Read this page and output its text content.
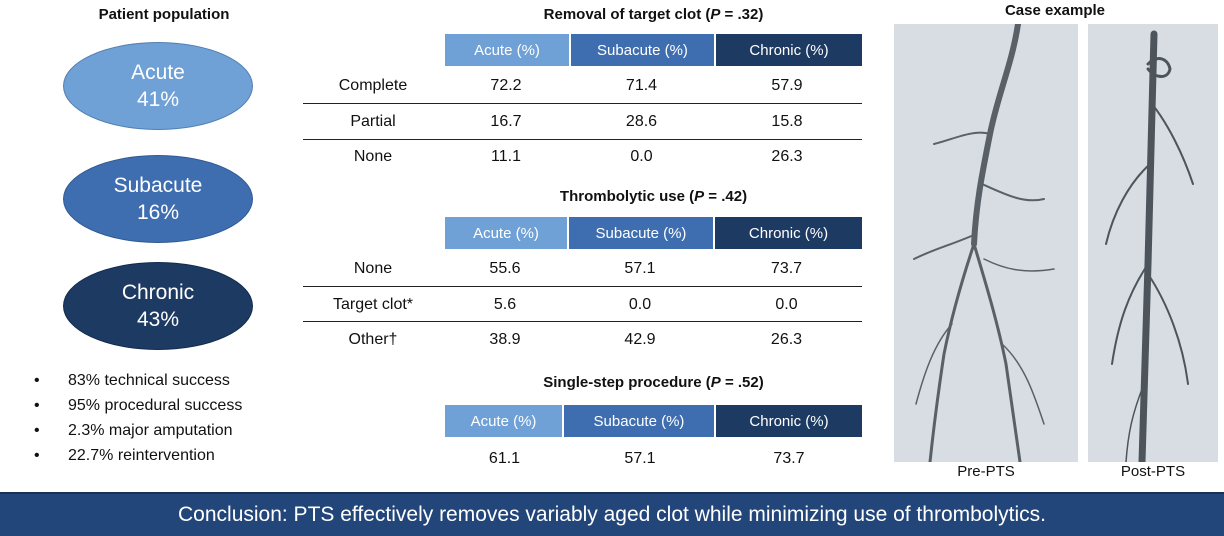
Patient population
Acute
41%
Subacute
16%
Chronic
43%
• 83% technical success
• 95% procedural success
• 2.3% major amputation
• 22.7% reintervention
Removal of target clot (P = .32)
Acute (%)	Subacute (%)	Chronic (%)
Complete	72.2	71.4	57.9
Partial	16.7	28.6	15.8
None	11.1	0.0	26.3
Thrombolytic use (P = .42)
Acute (%)	Subacute (%)	Chronic (%)
None	55.6	57.1	73.7
Target clot*	5.6	0.0	0.0
Other†	38.9	42.9	26.3
Single-step procedure (P = .52)
Acute (%)	Subacute (%)	Chronic (%)
61.1	57.1	73.7
Case example
Pre-PTS	Post-PTS
Conclusion: PTS effectively removes variably aged clot while minimizing use of thrombolytics.
